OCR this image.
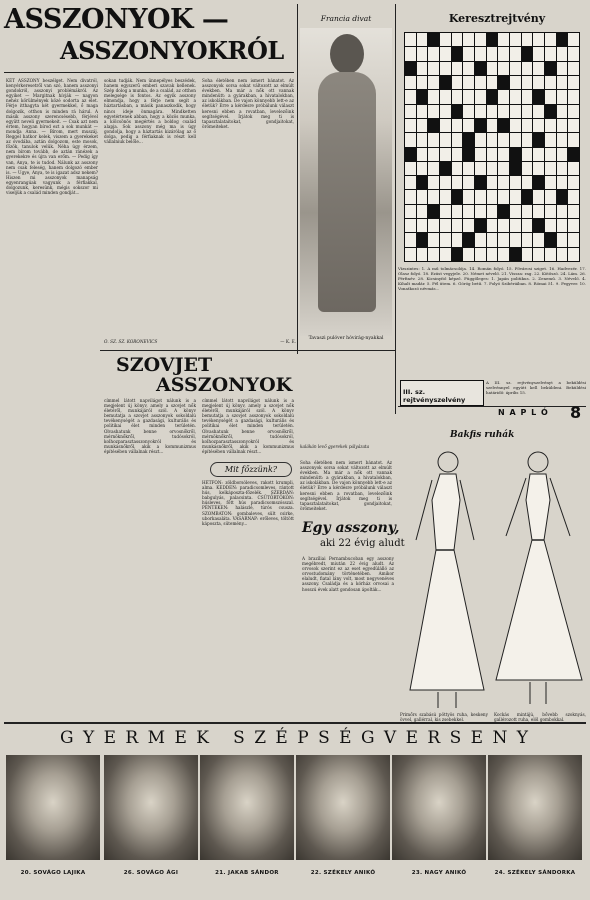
ASSZONYOK —
ASSZONYOKRÓL
KÉT ASSZONY beszélget. Nem divatról, kenyérkeresetről van szó, hanem asszonyi gondokról, asszonyi problémákról. Az egyiket — Margitnak hívják — nagyon nehéz körülmények közé sodorta az élet. Férje itthagyta két gyermekkel, ő maga dolgozik, otthon is minden rá hárul. A másik asszony szerencsésebb, férjével együtt neveli gyermekeit. — Csak azt nem értem, hogyan bírod ezt a sok munkát — mondja Anna. — Bírom, mert muszáj. Reggel hatkor kelek, viszem a gyerekeket az óvodába, aztán dolgozom, este mosok, főzök, tanulok velük. Néha úgy érzem, nem bírom tovább, de aztán ránézek a gyerekekre és újra van erőm. — Pedig így van, Anya, te is tudod. Nálunk az asszony nem csak feleség, hanem dolgozó ember is. — Ugye, Anya, te is igazat adsz nekem? Hiszen mi asszonyok manapság egyenrangúak vagyunk a férfiakkal, dolgozunk, keresünk, mégis sokszor mi viseljük a család minden gondját...
sokan tudják. Nem ünnepélyes beszédek, hanem egyszerű emberi szavak kellenek. Szép dolog a munka, de a család, az otthon melegsége is fontos. Az egyik asszony elmondja, hogy a férje nem segít a háztartásban, a másik panaszkodik, hogy nincs ideje önmagára. Mindketten egyetértenek abban, hogy a közös munka, a kölcsönös megértés a boldog család alapja. Sok asszony még ma is úgy gondolja, hogy a háztartás kizárólag az ő dolga, pedig a férfiaknak is részt kell vállalniuk belőle...
Soha életében nem ismert bánatot. Az asszonyok sorsa sokat változott az elmúlt években. Ma már a nők ott vannak mindenütt: a gyárakban, a hivatalokban, az iskolákban. De vajon könnyebb lett-e az életük? Erre a kérdésre próbálunk választ keresni ebben a rovatban, levelezőink segítségével. Írjátok meg ti is tapasztalataitokat, gondjaitokat, örömeiteket.
Ő. SZ. SZ. KORONEVICS	— K. E.
Francia divat
Tavaszi pulóver hóvirág-nyakkal
Keresztrejtvény
Vízszintes: 1. A mű tolmácsolója. 14. Román folyó. 15. Fővárosi sziget. 16. Hadvezér. 17. Olasz folyó. 18. Ezüst vegyjele. 20. Német névelő. 21. Vissza: rag. 22. Kötőszó. 24. Lám. 26. Férfinév. 28. Kicsinyítő képző. Függőleges: 1. Japán politikus. 2. Zenemű. 3. Névelő. 4. Kihalt madár. 5. Fél ütem. 6. Görög betű. 7. Folyó Szibériában. 8. Római 51. 9. Fegyver. 10. Vonatkozó névmás...
A III. sz. rejtvényszelvényt a beküldési szelvénnyel együtt kell beküldeni. Beküldési határidő: április 15.
III. sz. rejtvényszelvény
N A P L Ó 8
SZOVJET
ASSZONYOK
címmel látott napvilágot nálunk is a megjelent új könyv, amely a szovjet nők életéről, munkájáról szól. A könyv bemutatja a szovjet asszonyok sokoldalú tevékenységét a gazdasági, kulturális és politikai élet minden területén. Olvashatunk benne orvosnőkről, mérnöknőkről, tudósokról, kolhozparasztasszonyokról és munkásnőkről, akik a kommunizmus építésében vállalnak részt...
címmel látott napvilágot nálunk is a megjelent új könyv, amely a szovjet nők életéről, munkájáról szól. A könyv bemutatja a szovjet asszonyok sokoldalú tevékenységét a gazdasági, kulturális és politikai élet minden területén. Olvashatunk benne orvosnőkről, mérnöknőkről, tudósokról, kolhozparasztasszonyokról és munkásnőkről, akik a kommunizmus építésében vállalnak részt...
Mit főzzünk?
HÉTFŐN: zöldborsóleves, rakott krumpli, alma. KEDDEN: paradicsomleves, rántott hús, kelkáposzta-főzelék. SZERDÁN: babgulyás, palacsinta. CSÜTÖRTÖKÖN: húsleves, főtt hús paradicsomszósszal. PÉNTEKEN: halászlé, túrós csusza. SZOMBATON: gombaleves, sült csirke, uborkasaláta. VASÁRNAP: erőleves, töltött káposzta, sütemény...
Soha életében nem ismert bánatot. Az asszonyok sorsa sokat változott az elmúlt években. Ma már a nők ott vannak mindenütt: a gyárakban, a hivatalokban, az iskolákban. De vajon könnyebb lett-e az életük? Erre a kérdésre próbálunk választ keresni ebben a rovatban, levelezőink segítségével. Írjátok meg ti is tapasztalataitokat, gondjaitokat, örömeiteket.
Egy asszony,
aki 22 évig aludt
A brazíliai Pernambucoban egy asszony megébredt, miután 22 évig aludt. Az orvosok szerint ez az eset egyedülálló az orvostudomány történetében. Amikor elaludt, fiatal lány volt, most negyvenéves asszony. Családja és a kórház orvosai a hosszú évek alatt gondosan ápolták...
Bakfis ruhák
kalákán levő gyerekek pályázata
Primőrs szabású pöttyös ruha, keskeny övvel, gallérral, kis zsebekkel.
Kockás mintájú, bővebb szoknyás, gallérozott ruha, elöl gombokkal.
G Y E R M E K   S Z É P S É G V E R S E N Y
20. SOVÁGO LAJIKA	26. SOVÁGO ÁGI	21. JAKAB SÁNDOR	22. SZÉKELY ANIKÓ	23. NAGY ANIKÓ	24. SZÉKELY SÁNDORKA
